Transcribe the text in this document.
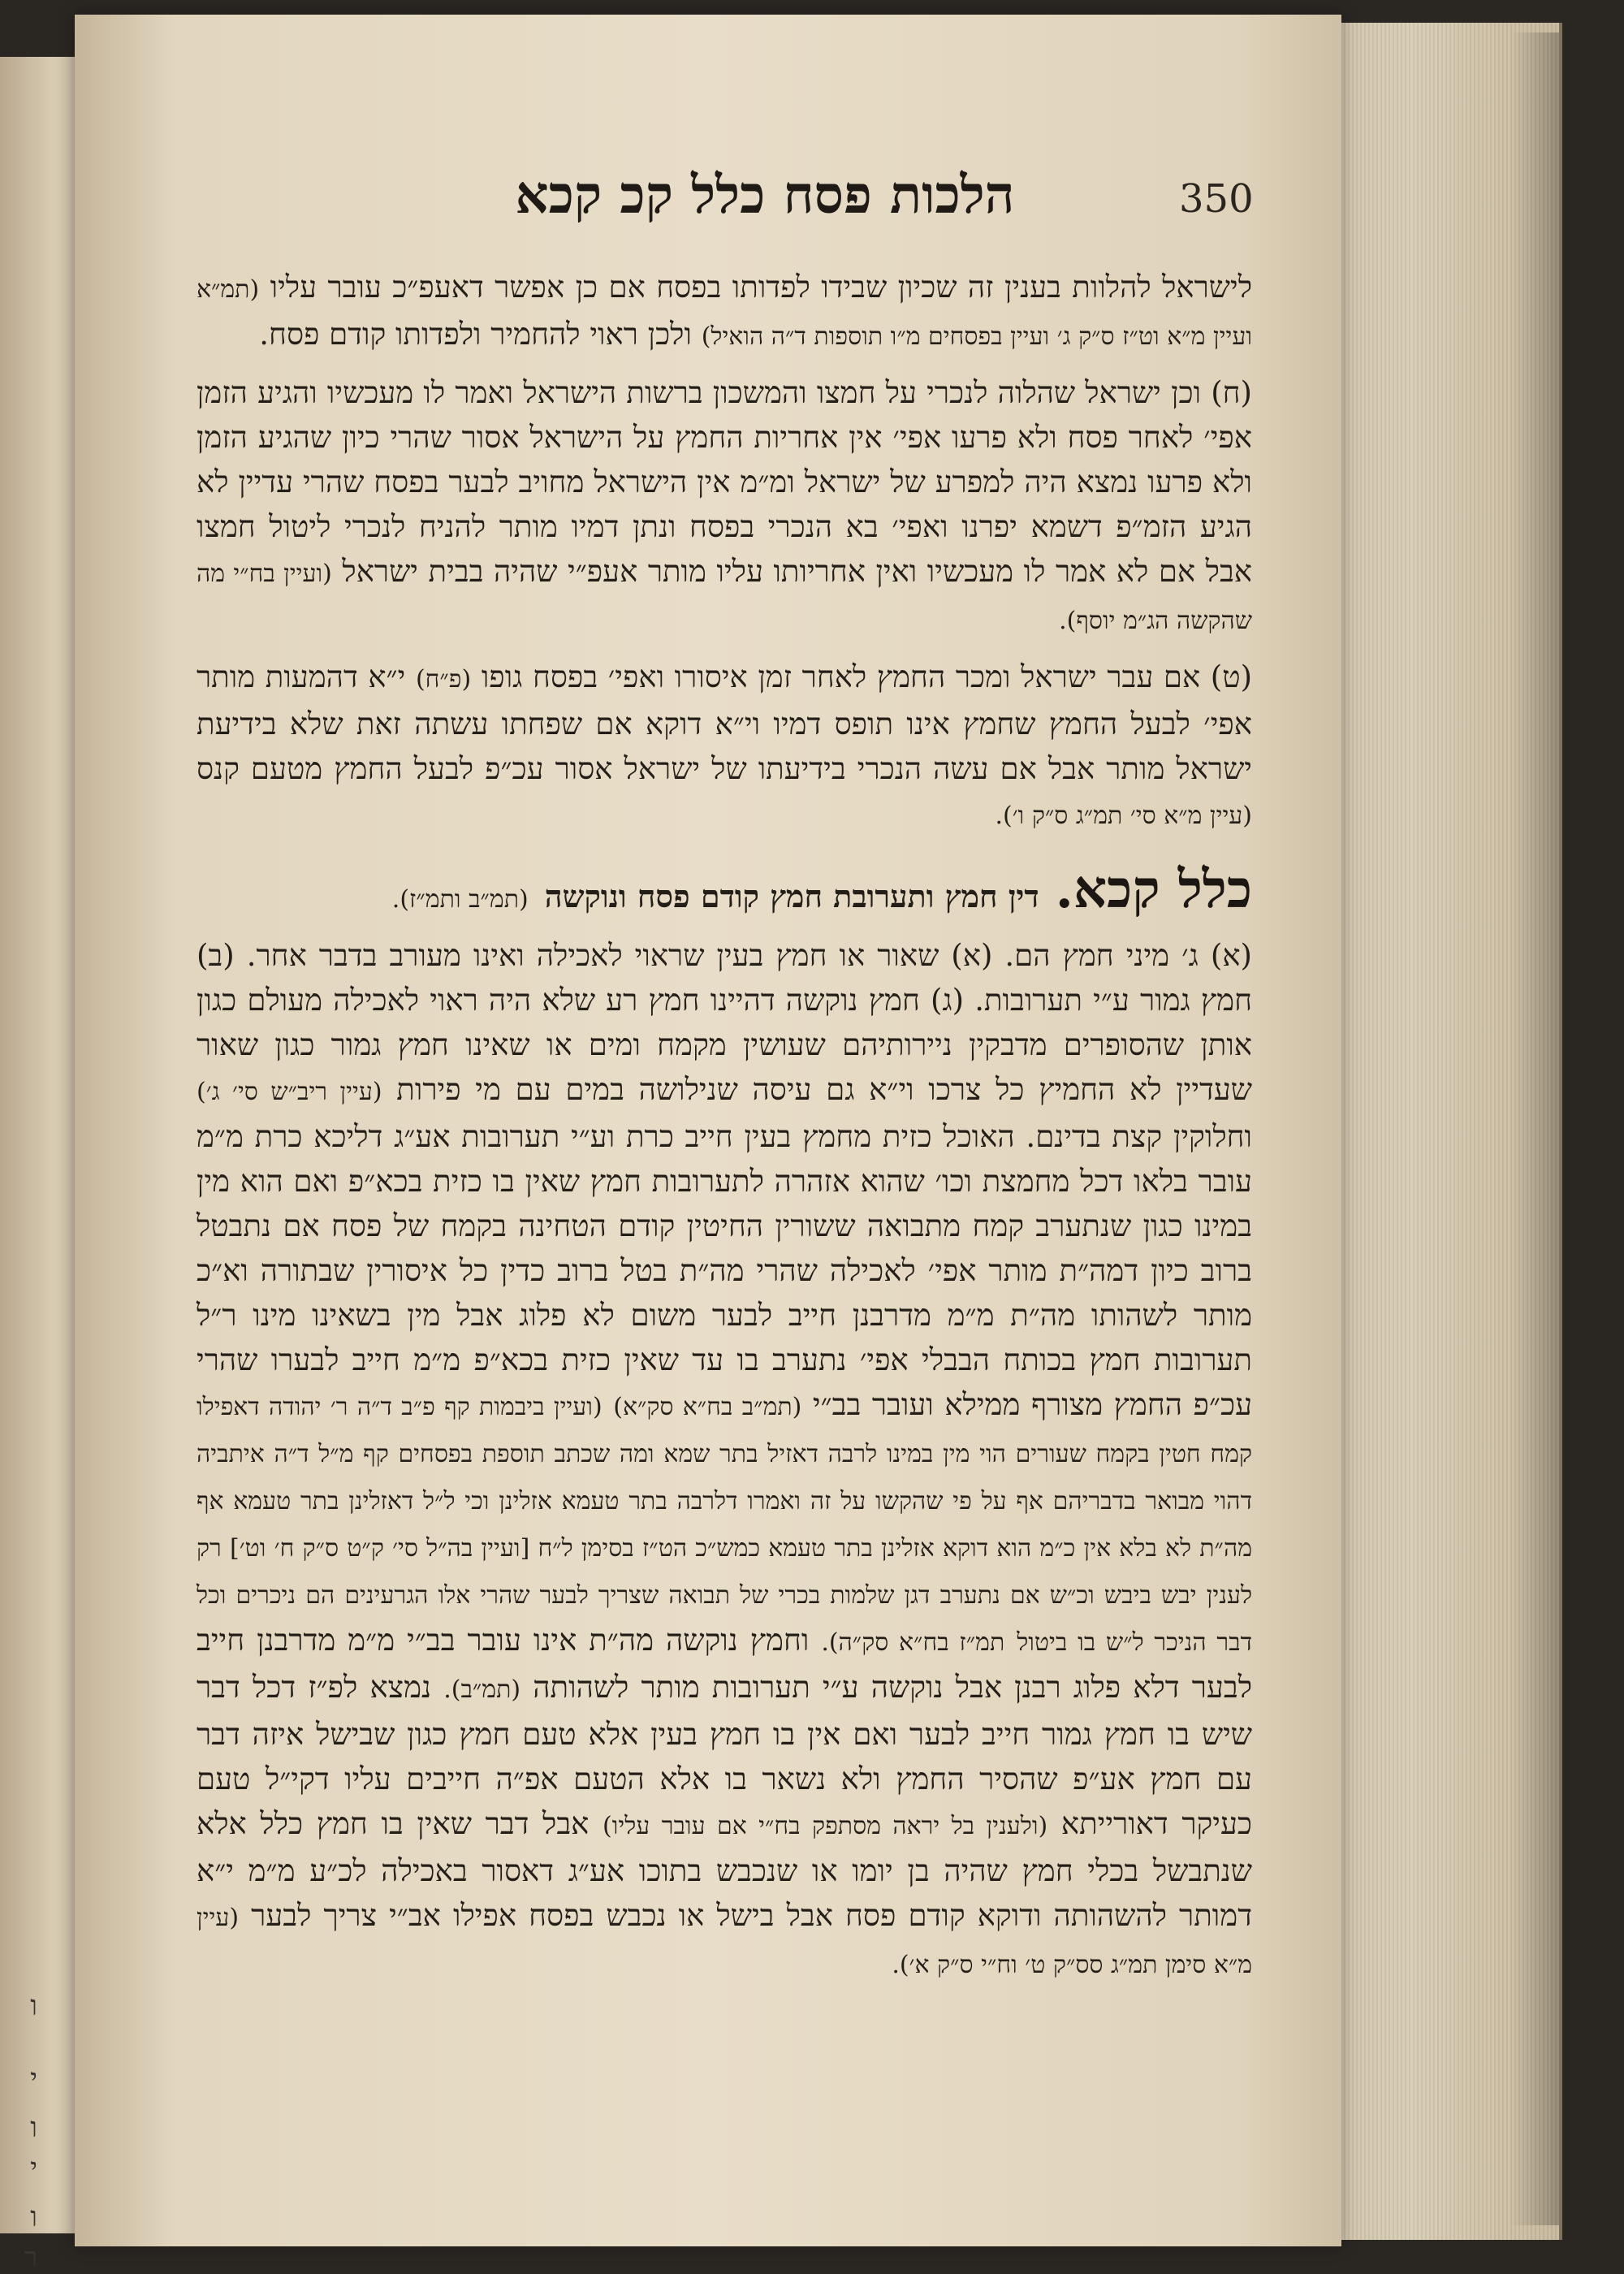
ו
י
ו
י
ו
ר
350
הלכות פסח כלל קכ קכא

לישראל להלוות בענין זה שכיון שבידו לפדותו בפסח אם כן אפשר דאעפ״כ עובר עליו (תמ״א ועיין מ״א וט״ז ס״ק ג׳ ועיין בפסחים מ״ו תוספות ד״ה הואיל) ולכן ראוי להחמיר ולפדותו קודם פסח.

(ח) וכן ישראל שהלוה לנכרי על חמצו והמשכון ברשות הישראל ואמר לו מעכשיו והגיע הזמן אפי׳ לאחר פסח ולא פרעו אפי׳ אין אחריות החמץ על הישראל אסור שהרי כיון שהגיע הזמן ולא פרעו נמצא היה למפרע של ישראל ומ״מ אין הישראל מחויב לבער בפסח שהרי עדיין לא הגיע הזמ״פ דשמא יפרנו ואפי׳ בא הנכרי בפסח ונתן דמיו מותר להניח לנכרי ליטול חמצו אבל אם לא אמר לו מעכשיו ואין אחריותו עליו מותר אעפ״י שהיה בבית ישראל (ועיין בח״י מה שהקשה הג״מ יוסף).

(ט) אם עבר ישראל ומכר החמץ לאחר זמן איסורו ואפי׳ בפסח גופו (פ״ח) י״א דהמעות מותר אפי׳ לבעל החמץ שחמץ אינו תופס דמיו וי״א דוקא אם שפחתו עשתה זאת שלא בידיעת ישראל מותר אבל אם עשה הנכרי בידיעתו של ישראל אסור עכ״פ לבעל החמץ מטעם קנס (עיין מ״א סי׳ תמ״ג ס״ק ו׳).

כלל קכא.
דין חמץ ותערובת חמץ קודם פסח ונוקשה
(תמ״ב ותמ״ז).

(א) ג׳ מיני חמץ הם. (א) שאור או חמץ בעין שראוי לאכילה ואינו מעורב בדבר אחר. (ב) חמץ גמור ע״י תערובות. (ג) חמץ נוקשה דהיינו חמץ רע שלא היה ראוי לאכילה מעולם כגון אותן שהסופרים מדבקין ניירותיהם שעושין מקמח ומים או שאינו חמץ גמור כגון שאור שעדיין לא החמיץ כל צרכו וי״א גם עיסה שנילושה במים עם מי פירות (עיין ריב״ש סי׳ ג׳) וחלוקין קצת בדינם. האוכל כזית מחמץ בעין חייב כרת וע״י תערובות אע״ג דליכא כרת מ״מ עובר בלאו דכל מחמצת וכו׳ שהוא אזהרה לתערובות חמץ שאין בו כזית בכא״פ ואם הוא מין במינו כגון שנתערב קמח מתבואה ששורין החיטין קודם הטחינה בקמח של פסח אם נתבטל ברוב כיון דמה״ת מותר אפי׳ לאכילה שהרי מה״ת בטל ברוב כדין כל איסורין שבתורה וא״כ מותר לשהותו מה״ת מ״מ מדרבנן חייב לבער משום לא פלוג אבל מין בשאינו מינו ר״ל תערובות חמץ בכותח הבבלי אפי׳ נתערב בו עד שאין כזית בכא״פ מ״מ חייב לבערו שהרי עכ״פ החמץ מצורף ממילא ועובר בב״י (תמ״ב בח״א סק״א) (ועיין ביבמות קף פ״ב ד״ה ר׳ יהודה דאפילו קמח חטין בקמח שעורים הוי מין במינו לרבה דאזיל בתר שמא ומה שכתב תוספת בפסחים קף מ״ל ד״ה איתביה דהוי מבואר בדבריהם אף על פי שהקשו על זה ואמרו דלרבה בתר טעמא אזלינן וכי ל״ל דאזלינן בתר טעמא אף מה״ת לא בלא אין כ״מ הוא דוקא אזלינן בתר טעמא כמש״כ הט״ז בסימן ל״ח [ועיין בה״ל סי׳ ק״ט ס״ק ח׳ וט׳] רק לענין יבש ביבש וכ״ש אם נתערב דגן שלמות בכרי של תבואה שצריך לבער שהרי אלו הגרעינים הם ניכרים וכל דבר הניכר ל״ש בו ביטול תמ״ז בח״א סק״ה). וחמץ נוקשה מה״ת אינו עובר בב״י מ״מ מדרבנן חייב לבער דלא פלוג רבנן אבל נוקשה ע״י תערובות מותר לשהותה (תמ״ב). נמצא לפ״ז דכל דבר שיש בו חמץ גמור חייב לבער ואם אין בו חמץ בעין אלא טעם חמץ כגון שבישל איזה דבר עם חמץ אע״פ שהסיר החמץ ולא נשאר בו אלא הטעם אפ״ה חייבים עליו דקי״ל טעם כעיקר דאורייתא (ולענין בל יראה מסתפק בח״י אם עובר עליו) אבל דבר שאין בו חמץ כלל אלא שנתבשל בכלי חמץ שהיה בן יומו או שנכבש בתוכו אע״ג דאסור באכילה לכ״ע מ״מ י״א דמותר להשהותה ודוקא קודם פסח אבל בישל או נכבש בפסח אפילו אב״י צריך לבער (עיין מ״א סימן תמ״ג סס״ק ט׳ וח״י ס״ק א׳).
